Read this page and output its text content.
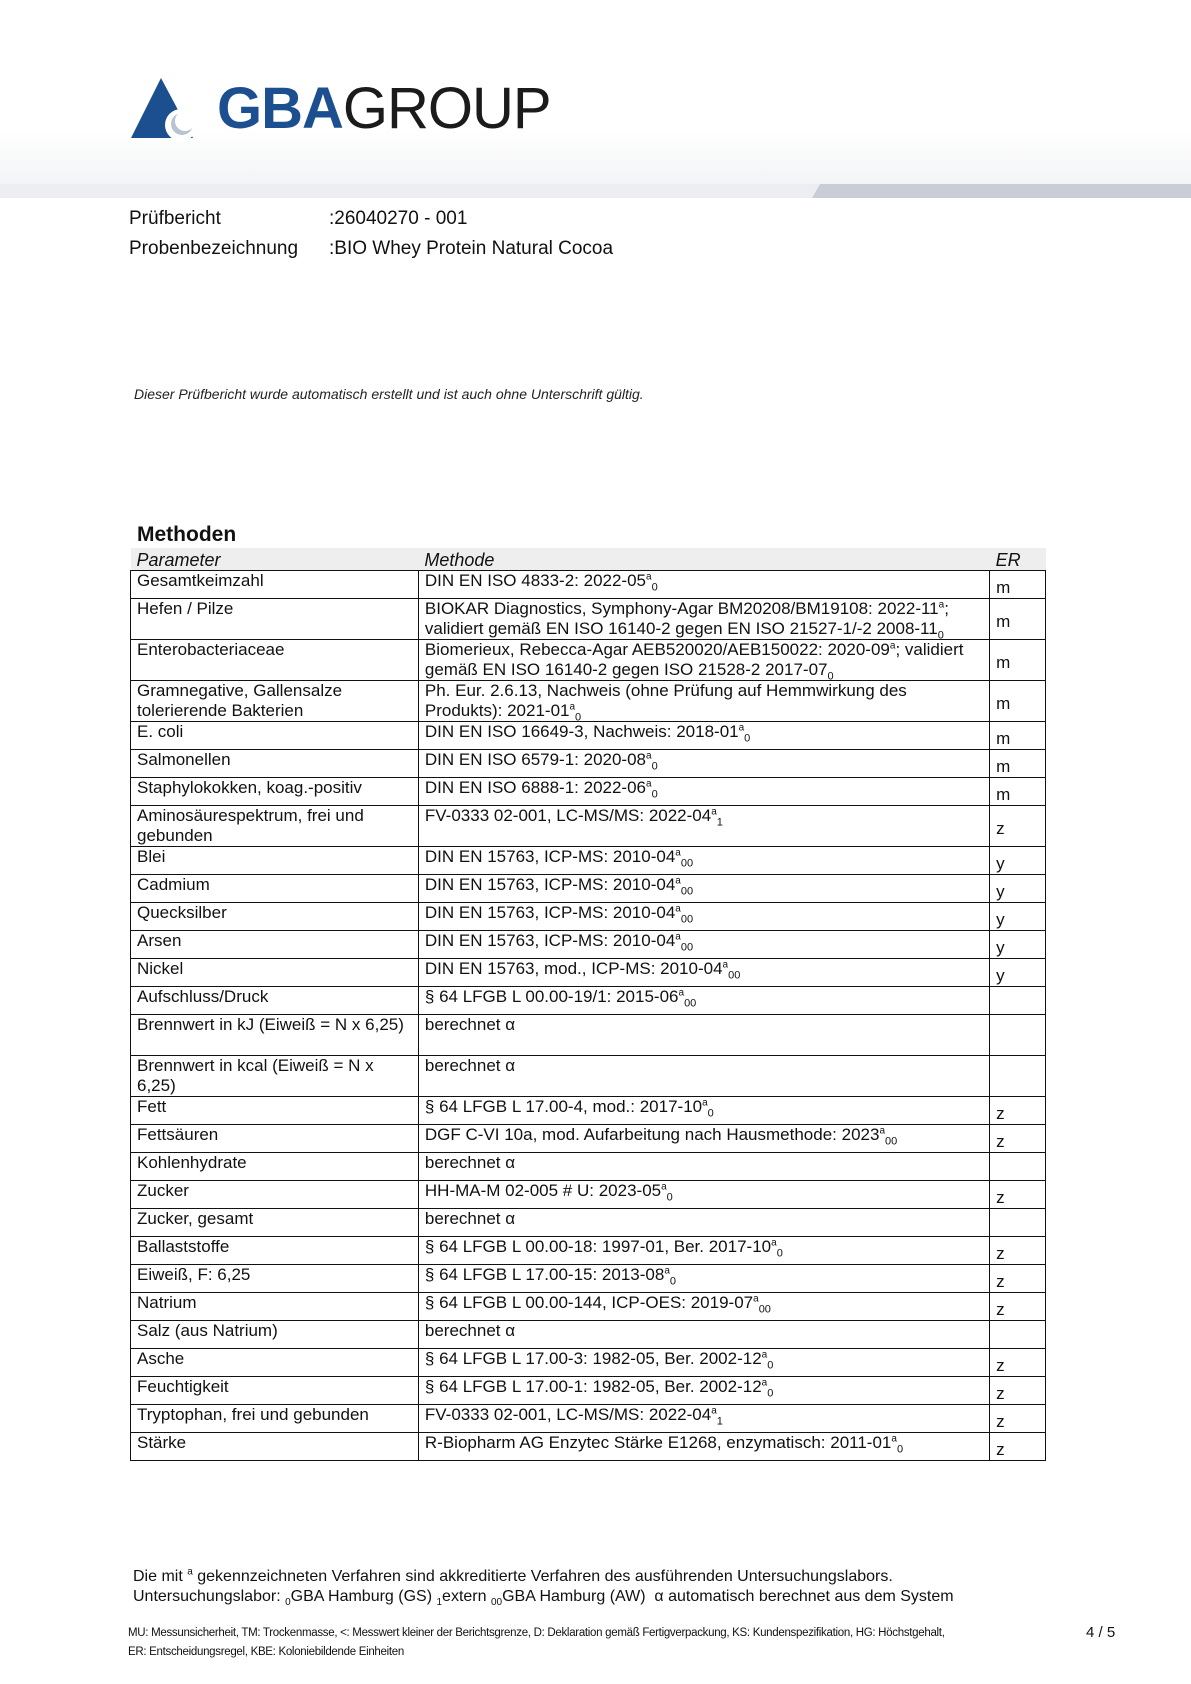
GBAGROUP
Prüfbericht	:26040270 - 001
Probenbezeichnung :BIO Whey Protein Natural Cocoa
Dieser Prüfbericht wurde automatisch erstellt und ist auch ohne Unterschrift gültig.
Methoden
Parameter	Methode	ER
Gesamtkeimzahl	DIN EN ISO 4833-2: $2022-05^a_0$	m
Hefen / Pilze	BIOKAR Diagnostics, Symphony-Agar BM20208/BM19108: 2022-11$^a$; validiert gemäß EN ISO 16140-2 gegen EN ISO 21527-1/-2 $2008-11_0$	m
Enterobacteriaceae	Biomerieux, Rebecca-Agar AEB520020/AEB150022: 2020-09$^a$; validiert gemäß EN ISO 16140-2 gegen ISO 21528-2 $2017-07_0$	m
Gramnegative, Gallensalze tolerierende Bakterien	Ph. Eur. 2.6.13, Nachweis (ohne Prüfung auf Hemmwirkung des Produkts): $2021-01^a_0$	m
E. coli	DIN EN ISO 16649-3, Nachweis: $2018-01^a_0$	m
Salmonellen	DIN EN ISO 6579-1: $2020-08^a_0$	m
Staphylokokken, koag.-positiv	DIN EN ISO 6888-1: $2022-06^a_0$	m
Aminosäurespektrum, frei und gebunden	FV-0333 02-001, LC-MS/MS: $2022-04^a_1$	z
Blei	DIN EN 15763, ICP-MS: $2010-04^a_{00}$	y
Cadmium	DIN EN 15763, ICP-MS: $2010-04^a_{00}$	y
Quecksilber	DIN EN 15763, ICP-MS: $2010-04^a_{00}$	y
Arsen	DIN EN 15763, ICP-MS: $2010-04^a_{00}$	y
Nickel	DIN EN 15763, mod., ICP-MS: $2010-04^a_{00}$	y
Aufschluss/Druck	§ 64 LFGB L 00.00-19/1: $2015-06^a_{00}$	
Brennwert in kJ (Eiweiß = N x 6,25)	berechnet α	
Brennwert in kcal (Eiweiß = N x 6,25)	berechnet α	
Fett	§ 64 LFGB L 17.00-4, mod.: $2017-10^a_0$	z
Fettsäuren	DGF C-VI 10a, mod. Aufarbeitung nach Hausmethode: $2023^a_{00}$	z
Kohlenhydrate	berechnet α	
Zucker	HH-MA-M 02-005 # U: $2023-05^a_0$	z
Zucker, gesamt	berechnet α	
Ballaststoffe	§ 64 LFGB L 00.00-18: 1997-01, Ber. $2017-10^a_0$	z
Eiweiß, F: 6,25	§ 64 LFGB L 17.00-15: $2013-08^a_0$	z
Natrium	§ 64 LFGB L 00.00-144, ICP-OES: $2019-07^a_{00}$	z
Salz (aus Natrium)	berechnet α	
Asche	§ 64 LFGB L 17.00-3: 1982-05, Ber. $2002-12^a_0$	z
Feuchtigkeit	§ 64 LFGB L 17.00-1: 1982-05, Ber. $2002-12^a_0$	z
Tryptophan, frei und gebunden	FV-0333 02-001, LC-MS/MS: $2022-04^a_1$	z
Stärke	R-Biopharm AG Enzytec Stärke E1268, enzymatisch: $2011-01^a_0$	z
Die mit $^a$ gekennzeichneten Verfahren sind akkreditierte Verfahren des ausführenden Untersuchungslabors.
Untersuchungslabor: $_0$GBA Hamburg (GS) $_1$extern $_{00}$GBA Hamburg (AW) α automatisch berechnet aus dem System
MU: Messunsicherheit, TM: Trockenmasse, <: Messwert kleiner der Berichtsgrenze, D: Deklaration gemäß Fertigverpackung, KS: Kundenspezifikation, HG: Höchstgehalt,
ER: Entscheidungsregel, KBE: Koloniebildende Einheiten
4 / 5
